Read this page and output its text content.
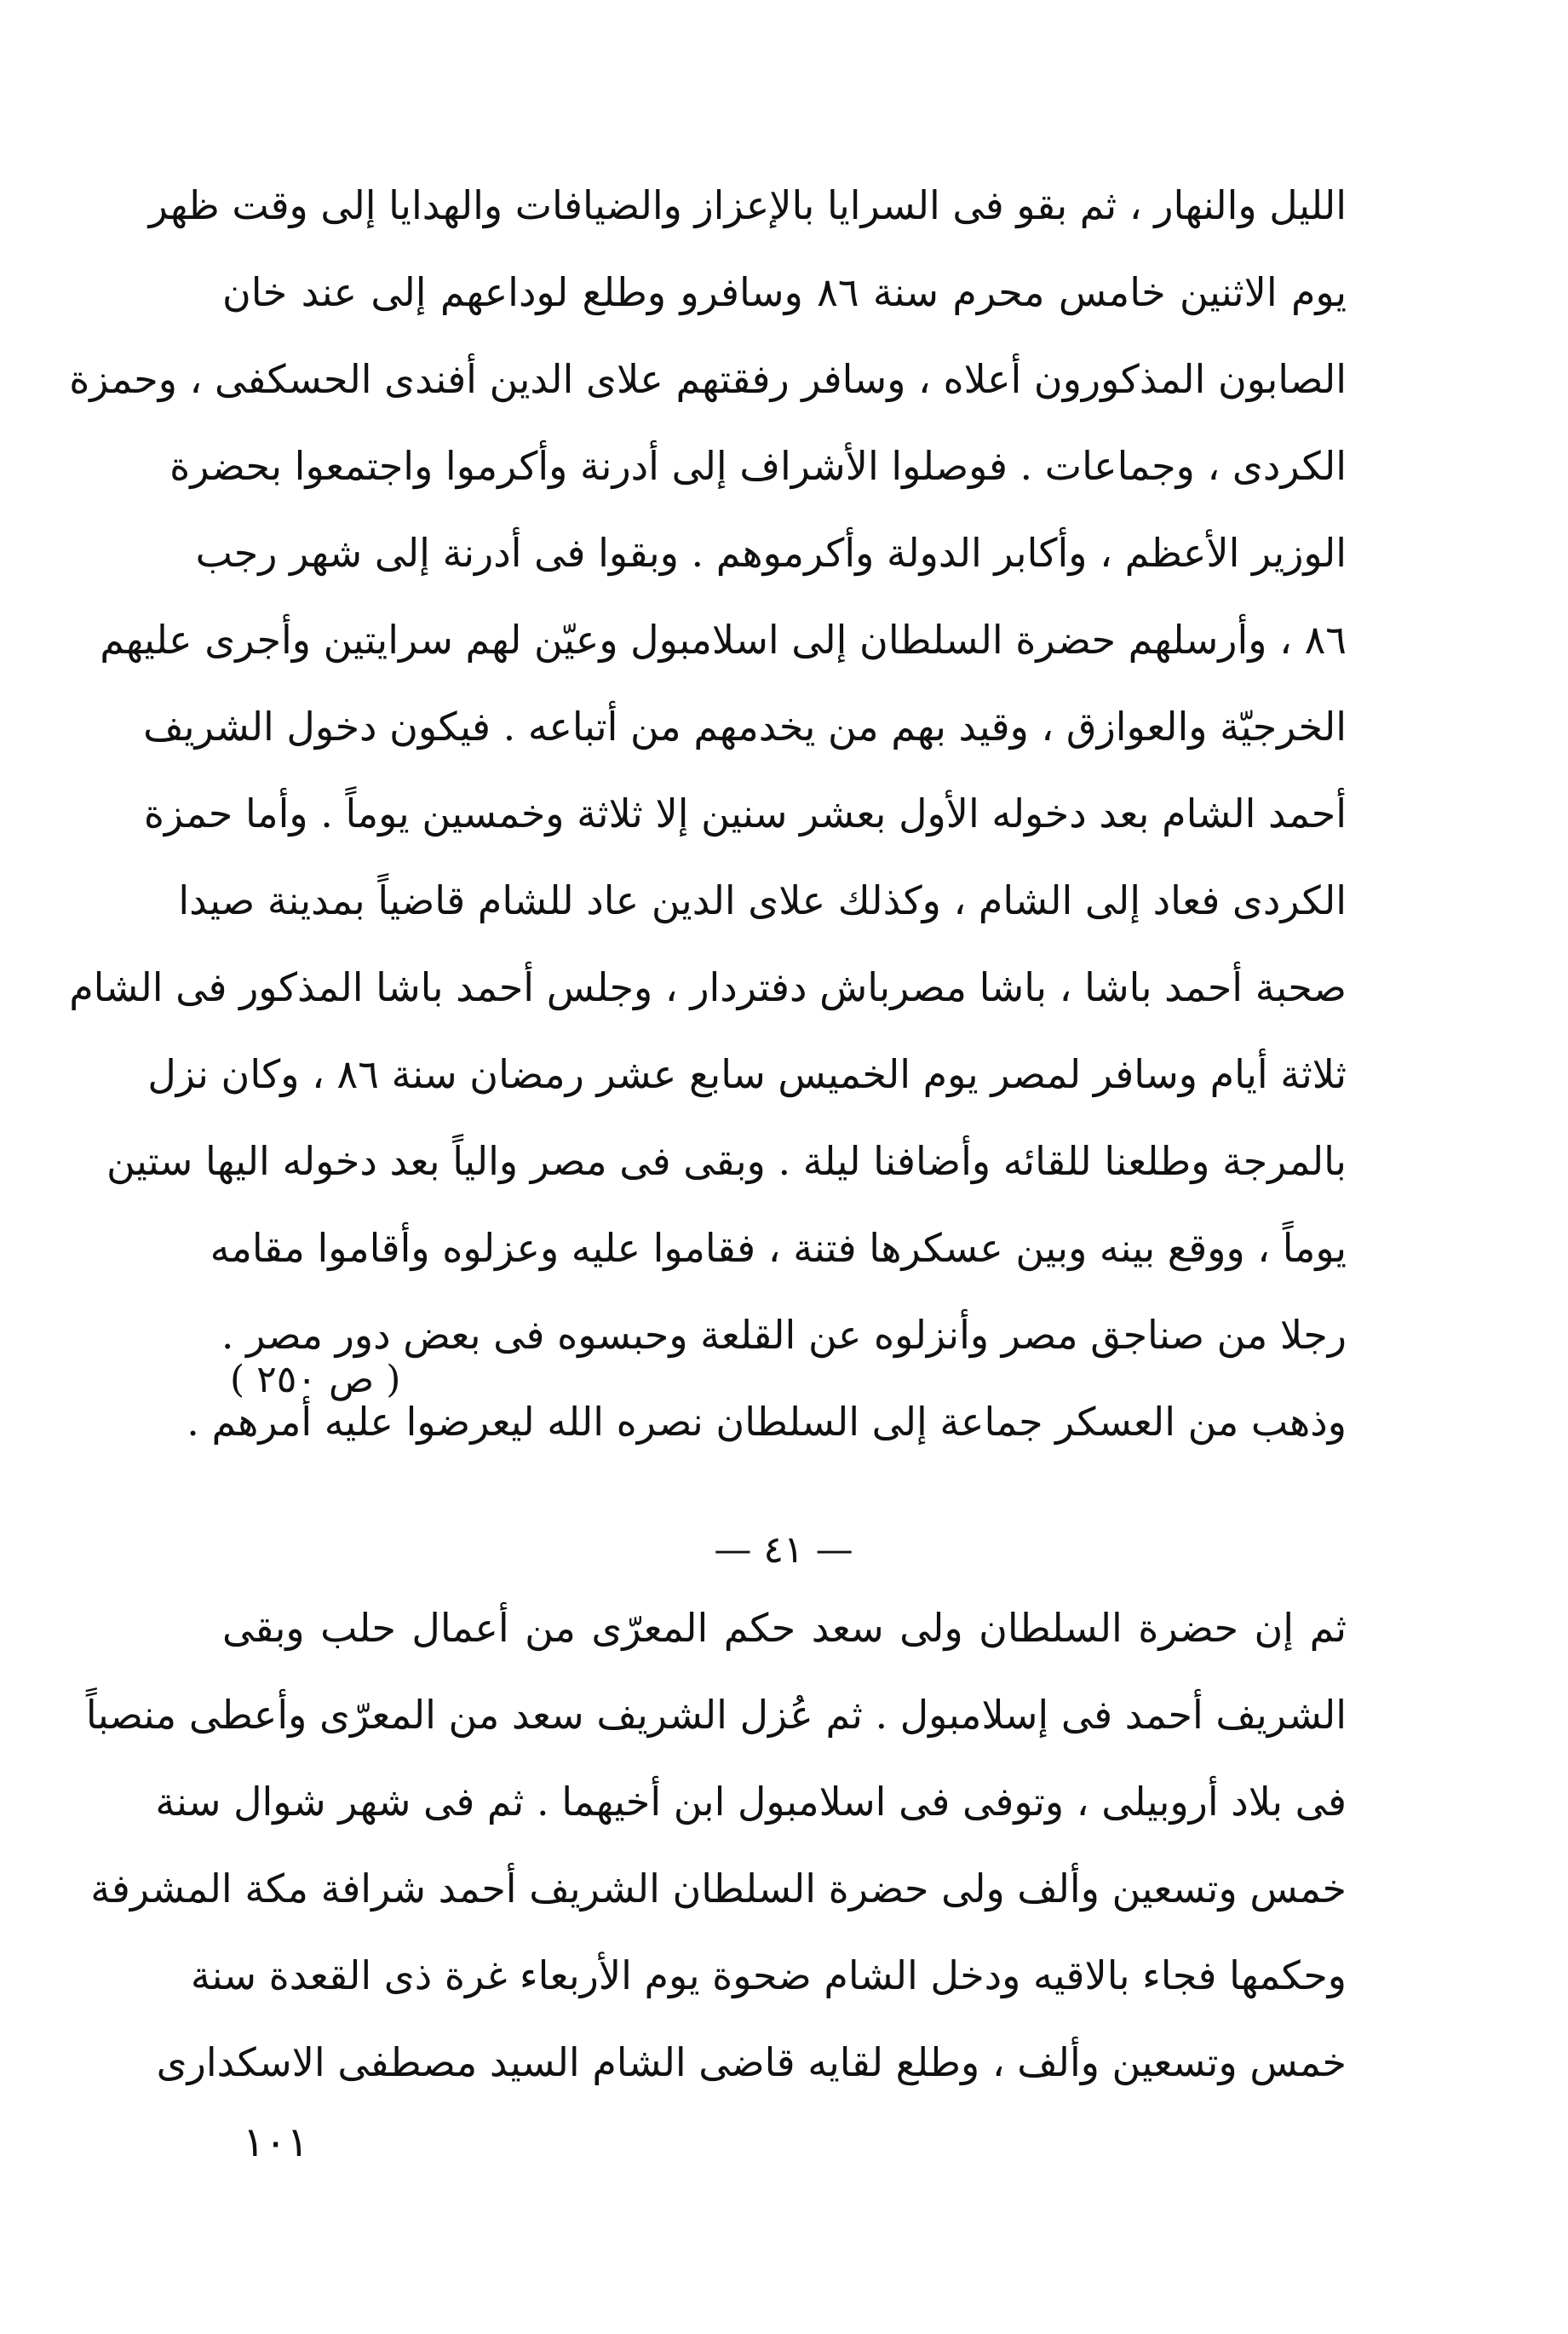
الليل والنهار ، ثم بقو فى السرايا بالإعزاز والضيافات والهدايا إلى وقت ظهر
يوم الاثنين خامس محرم سنة ٨٦ وسافرو وطلع لوداعهم إلى عند خان
الصابون المذكورون أعلاه ، وسافر رفقتهم علاى الدين أفندى الحسكفى ، وحمزة
الكردى ، وجماعات . فوصلوا الأشراف إلى أدرنة وأكرموا واجتمعوا بحضرة
الوزير الأعظم ، وأكابر الدولة وأكرموهم . وبقوا فى أدرنة إلى شهر رجب
٨٦ ، وأرسلهم حضرة السلطان إلى اسلامبول وعيّن لهم سرايتين وأجرى عليهم
الخرجيّة والعوازق ، وقيد بهم من يخدمهم من أتباعه . فيكون دخول الشريف
أحمد الشام بعد دخوله الأول بعشر سنين إلا ثلاثة وخمسين يوماً . وأما حمزة
الكردى فعاد إلى الشام ، وكذلك علاى الدين عاد للشام قاضياً بمدينة صيدا
صحبة أحمد باشا ، باشا مصرباش دفتردار ، وجلس أحمد باشا المذكور فى الشام
ثلاثة أيام وسافر لمصر يوم الخميس سابع عشر رمضان سنة ٨٦ ، وكان نزل
بالمرجة وطلعنا للقائه وأضافنا ليلة . وبقى فى مصر والياً بعد دخوله اليها ستين
يوماً ، ووقع بينه وبين عسكرها فتنة ، فقاموا عليه وعزلوه وأقاموا مقامه
رجلا من صناجق مصر وأنزلوه عن القلعة وحبسوه فى بعض دور مصر .
وذهب من العسكر جماعة إلى السلطان نصره الله ليعرضوا عليه أمرهم .
( ص ٢٥٠ )
— ٤١ —
ثم إن حضرة السلطان ولى سعد حكم المعرّى من أعمال حلب وبقى
الشريف أحمد فى إسلامبول . ثم عُزل الشريف سعد من المعرّى وأعطى منصباً
فى بلاد أروبيلى ، وتوفى فى اسلامبول ابن أخيهما . ثم فى شهر شوال سنة
خمس وتسعين وألف ولى حضرة السلطان الشريف أحمد شرافة مكة المشرفة
وحكمها فجاء بالاقيه ودخل الشام ضحوة يوم الأربعاء غرة ذى القعدة سنة
خمس وتسعين وألف ، وطلع لقايه قاضى الشام السيد مصطفى الاسكدارى
١٠١
